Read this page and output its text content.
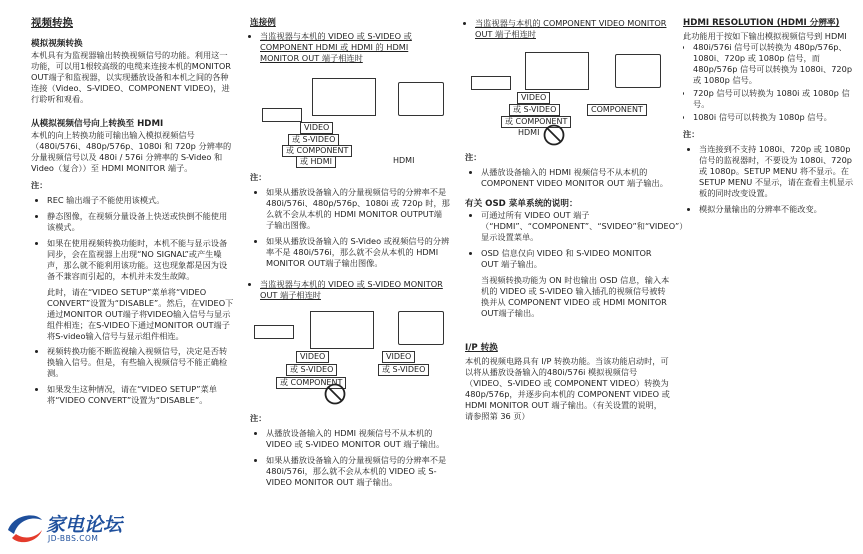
视频转换
模拟视频转换

本机具有为监视器输出转换视频信号的功能。利用这一功能，可以用1根较高级的电缆来连接本机的MONITOR OUT端子和监视器，以实现播放设备和本机之间的各种连接（Video、S-VIDEO、COMPONENT VIDEO)，进行聆听和观看。

从模拟视频信号向上转换至 HDMI

本机的向上转换功能可输出输入模拟视频信号（480i/576i、480p/576p、1080i 和 720p 分辨率的分量视频信号以及 480i / 576i 分辨率的 S-Video 和 Video（复合））至 HDMI MONITOR 端子。

注：
• REC 输出端子不能使用该模式。
• 静态图像，在视频分量设备上快送或快倒不能使用该模式。
• 如果在使用视频转换功能时，本机不能与显示设备同步，会在监视器上出现“NO SIGNAL”或产生噪声，那么就不能利用该功能。这也现象都是因为设备不兼容而引起的，本机并未发生故障。

此时，请在“VIDEO SETUP”菜单将“VIDEO CONVERT”设置为“DISABLE”。然后，在VIDEO下通过MONITOR OUT端子将VIDEO输入信号与显示组件相连；在S-VIDEO下通过MONITOR OUT端子将S-video输入信号与显示组件相连。

• 视频转换功能不断监视输入视频信号，决定是否转换输入信号。但是，有些输入视频信号不能正确检测。
• 如果发生这种情况，请在“VIDEO SETUP”菜单将“VIDEO CONVERT”设置为“DISABLE”。
连接例
• 当监视器与本机的 VIDEO 或 S-VIDEO 或 COMPONENT HDMI 或 HDMI 的 HDMI MONITOR OUT 端子相连时
VIDEO
或 S-VIDEO
或 COMPONENT
或 HDMI	HDMI
注：
• 如果从播放设备输入的分量视频信号的分辨率不是 480i/576i、480p/576p、1080i 或 720p 时，那么就不会从本机的 HDMI MONITOR OUTPUT端子输出图像。
• 如果从播放设备输入的 S-Video 或视频信号的分辨率不是 480i/576i，那么就不会从本机的 HDMI MONITOR OUT端子输出图像。
• 当监视器与本机的 VIDEO 或 S-VIDEO MONITOR OUT 端子相连时
VIDEO
或 S-VIDEO
或 COMPONENT
VIDEO
或 S-VIDEO
注：
• 从播放设备输入的 HDMI 视频信号不从本机的 VIDEO 或 S-VIDEO MONITOR OUT 端子输出。
• 如果从播放设备输入的分量视频信号的分辨率不是 480i/576i，那么就不会从本机的 VIDEO 或 S-VIDEO MONITOR OUT 端子输出。
• 当监视器与本机的 COMPONENT VIDEO MONITOR OUT 端子相连时
VIDEO
或 S-VIDEO
或 COMPONENT
HDMI
COMPONENT
注：
• 从播放设备输入的 HDMI 视频信号不从本机的 COMPONENT VIDEO MONITOR OUT 端子输出。
有关 OSD 菜单系统的说明：
• 可通过所有 VIDEO OUT 端子（“HDMI”、“COMPONENT”、“SVIDEO”和“VIDEO”）显示设置菜单。
• OSD 信息仅向 VIDEO 和 S-VIDEO MONITOR OUT 端子输出。

当视频转换功能为 ON 时也输出 OSD 信息，输入本机的 VIDEO 或 S-VIDEO 输入插孔的视频信号被转换并从 COMPONENT VIDEO 或 HDMI MONITOR OUT端子输出。

I/P 转换

本机的视频电路具有 I/P 转换功能。当该功能启动时，可以将从播放设备输入的480i/576i 模拟视频信号（VIDEO、S-VIDEO 或 COMPONENT VIDEO）转换为 480p/576p，并逐步向本机的 COMPONENT VIDEO 或 HDMI MONITOR OUT 端子输出。（有关设置的说明，请参照第 36 页）

HDMI RESOLUTION (HDMI 分辨率)

此功能用于按如下输出模拟视频信号到 HDMI

• 480i/576i 信号可以转换为 480p/576p、1080i、720p 或 1080p 信号，而 480p/576p 信号可以转换为 1080i、720p 或 1080p 信号。
• 720p 信号可以转换为 1080i 或 1080p 信号。
• 1080i 信号可以转换为 1080p 信号。
注：
• 当连接到不支持 1080i、720p 或 1080p 信号的监视器时，不要设为 1080i、720p 或 1080p。SETUP MENU 将不显示。在 SETUP MENU 不显示，请在查看主机显示板的同时改变设置。
• 模拟分量输出的分辨率不能改变。
家电论坛
JD-BBS.COM
